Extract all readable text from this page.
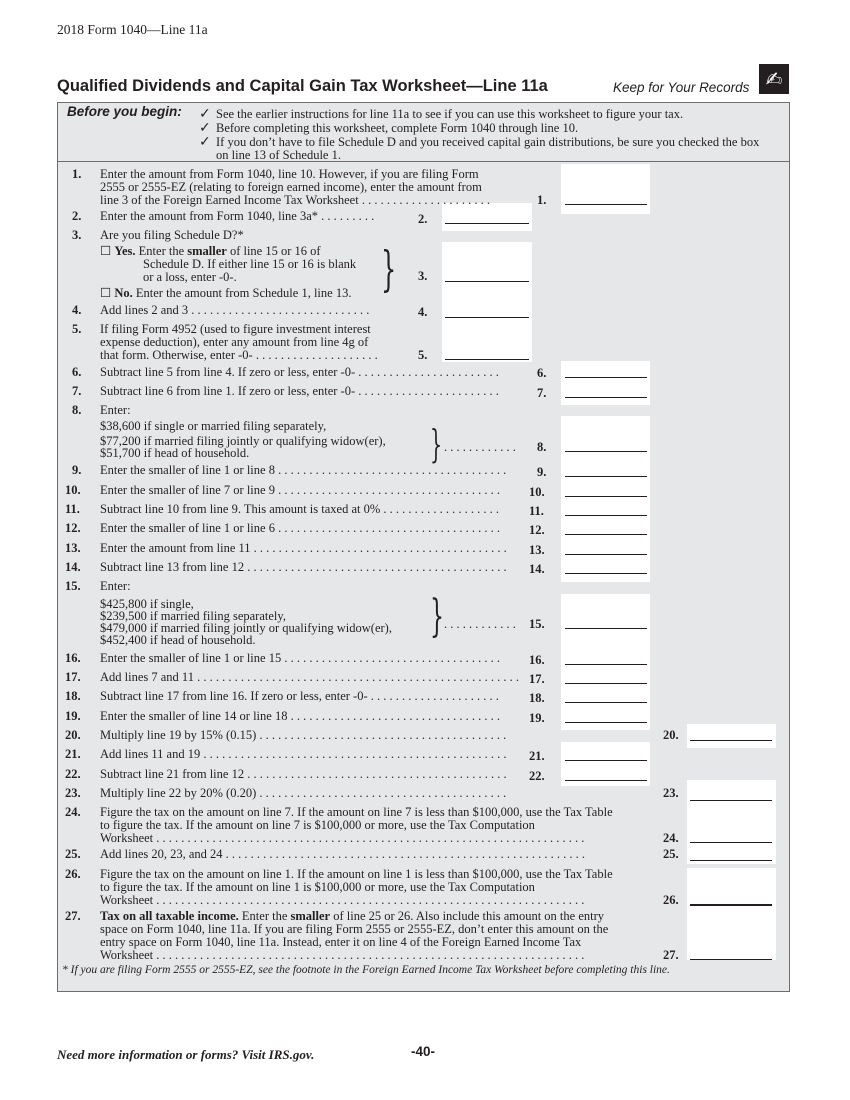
2018 Form 1040—Line 11a
Qualified Dividends and Capital Gain Tax Worksheet—Line 11a	Keep for Your Records ✍
Before you begin: ✓
✓
✓
See the earlier instructions for line 11a to see if you can use this worksheet to figure your tax.
Before completing this worksheet, complete Form 1040 through line 10.
If you don’t have to file Schedule D and you received capital gain distributions, be sure you checked the box
on line 13 of Schedule 1.
1. Enter the amount from Form 1040, line 10. However, if you are filing Form
2555 or 2555-EZ (relating to foreign earned income), enter the amount from
line 3 of the Foreign Earned Income Tax Worksheet . . . . . . . . . . . . . . . . . . . . .	1.
2. Enter the amount from Form 1040, line 3a* . . . . . . . . .	2.
3. Are you filing Schedule D?*
☐ Yes. Enter the smaller of line 15 or 16 of
Schedule D. If either line 15 or 16 is blank
or a loss, enter -0-.
☐ No. Enter the amount from Schedule 1, line 13. } 3.
4. Add lines 2 and 3 . . . . . . . . . . . . . . . . . . . . . . . . . . . . .	4.
5. If filing Form 4952 (used to figure investment interest
expense deduction), enter any amount from line 4g of
that form. Otherwise, enter -0- . . . . . . . . . . . . . . . . . . . .	5.
6. Subtract line 5 from line 4. If zero or less, enter -0- . . . . . . . . . . . . . . . . . . . . . . .	6.
7. Subtract line 6 from line 1. If zero or less, enter -0- . . . . . . . . . . . . . . . . . . . . . . .	7.
8. Enter:
$38,600 if single or married filing separately,
$77,200 if married filing jointly or qualifying widow(er),
$51,700 if head of household.	} . . . . . . . . . . . . 8.
9. Enter the smaller of line 1 or line 8 . . . . . . . . . . . . . . . . . . . . . . . . . . . . . . . . . . . . . 9.
10. Enter the smaller of line 7 or line 9 . . . . . . . . . . . . . . . . . . . . . . . . . . . . . . . . . . . . 10.
11. Subtract line 10 from line 9. This amount is taxed at 0% . . . . . . . . . . . . . . . . . . . 11.
12. Enter the smaller of line 1 or line 6 . . . . . . . . . . . . . . . . . . . . . . . . . . . . . . . . . . . . 12.
13. Enter the amount from line 11 . . . . . . . . . . . . . . . . . . . . . . . . . . . . . . . . . . . . . . . . . 13.
14. Subtract line 13 from line 12 . . . . . . . . . . . . . . . . . . . . . . . . . . . . . . . . . . . . . . . . . . 14.
15. Enter:
$425,800 if single,
$239,500 if married filing separately,
$479,000 if married filing jointly or qualifying widow(er),
$452,400 if head of household.	} . . . . . . . . . . . . 15.
16. Enter the smaller of line 1 or line 15 . . . . . . . . . . . . . . . . . . . . . . . . . . . . . . . . . . . 16.
17. Add lines 7 and 11 . . . . . . . . . . . . . . . . . . . . . . . . . . . . . . . . . . . . . . . . . . . . . . . . . . . . 17.
18. Subtract line 17 from line 16. If zero or less, enter -0- . . . . . . . . . . . . . . . . . . . . . 18.
19. Enter the smaller of line 14 or line 18 . . . . . . . . . . . . . . . . . . . . . . . . . . . . . . . . . . 19.
20. Multiply line 19 by 15% (0.15) . . . . . . . . . . . . . . . . . . . . . . . . . . . . . . . . . . . . . . . .	20.
21. Add lines 11 and 19 . . . . . . . . . . . . . . . . . . . . . . . . . . . . . . . . . . . . . . . . . . . . . . . . . 21.
22. Subtract line 21 from line 12 . . . . . . . . . . . . . . . . . . . . . . . . . . . . . . . . . . . . . . . . . . 22.
23. Multiply line 22 by 20% (0.20) . . . . . . . . . . . . . . . . . . . . . . . . . . . . . . . . . . . . . . . .	23.
24. Figure the tax on the amount on line 7. If the amount on line 7 is less than $100,000, use the Tax Table
to figure the tax. If the amount on line 7 is $100,000 or more, use the Tax Computation
Worksheet . . . . . . . . . . . . . . . . . . . . . . . . . . . . . . . . . . . . . . . . . . . . . . . . . . . . . . . . . . . . . . . . . . . . .	24.
25. Add lines 20, 23, and 24 . . . . . . . . . . . . . . . . . . . . . . . . . . . . . . . . . . . . . . . . . . . . . . . . . . . . . . . . . .	25.
26. Figure the tax on the amount on line 1. If the amount on line 1 is less than $100,000, use the Tax Table
to figure the tax. If the amount on line 1 is $100,000 or more, use the Tax Computation
Worksheet . . . . . . . . . . . . . . . . . . . . . . . . . . . . . . . . . . . . . . . . . . . . . . . . . . . . . . . . . . . . . . . . . . . . .	26.
27. Tax on all taxable income. Enter the smaller of line 25 or 26. Also include this amount on the entry
space on Form 1040, line 11a. If you are filing Form 2555 or 2555-EZ, don’t enter this amount on the
entry space on Form 1040, line 11a. Instead, enter it on line 4 of the Foreign Earned Income Tax
Worksheet . . . . . . . . . . . . . . . . . . . . . . . . . . . . . . . . . . . . . . . . . . . . . . . . . . . . . . . . . . . . . . . . . . . . .	27.
* If you are filing Form 2555 or 2555-EZ, see the footnote in the Foreign Earned Income Tax Worksheet before completing this line.
Need more information or forms? Visit IRS.gov.	-40-
